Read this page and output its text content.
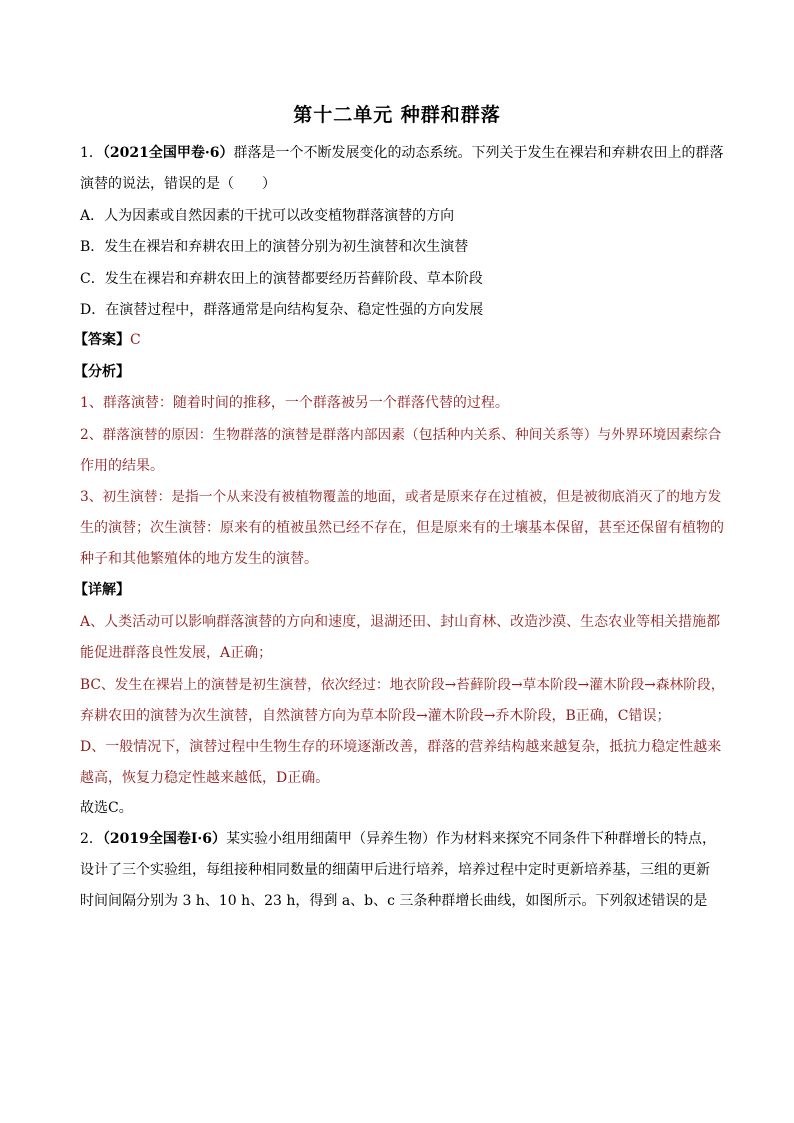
第十二单元 种群和群落
1．（2021全国甲卷·6）群落是一个不断发展变化的动态系统。下列关于发生在裸岩和弃耕农田上的群落
演替的说法，错误的是（　　）
A．人为因素或自然因素的干扰可以改变植物群落演替的方向
B．发生在裸岩和弃耕农田上的演替分别为初生演替和次生演替
C．发生在裸岩和弃耕农田上的演替都要经历苔藓阶段、草本阶段
D．在演替过程中，群落通常是向结构复杂、稳定性强的方向发展
【答案】C
【分析】
1、群落演替：随着时间的推移，一个群落被另一个群落代替的过程。
2、群落演替的原因：生物群落的演替是群落内部因素（包括种内关系、种间关系等）与外界环境因素综合
作用的结果。
3、初生演替：是指一个从来没有被植物覆盖的地面，或者是原来存在过植被，但是被彻底消灭了的地方发
生的演替；次生演替：原来有的植被虽然已经不存在，但是原来有的土壤基本保留，甚至还保留有植物的
种子和其他繁殖体的地方发生的演替。
【详解】
A、人类活动可以影响群落演替的方向和速度，退湖还田、封山育林、改造沙漠、生态农业等相关措施都
能促进群落良性发展，A正确；
BC、发生在裸岩上的演替是初生演替，依次经过：地衣阶段→苔藓阶段→草本阶段→灌木阶段→森林阶段，
弃耕农田的演替为次生演替，自然演替方向为草本阶段→灌木阶段→乔木阶段，B正确，C错误；
D、一般情况下，演替过程中生物生存的环境逐渐改善，群落的营养结构越来越复杂，抵抗力稳定性越来
越高，恢复力稳定性越来越低，D正确。
故选C。
2．（2019全国卷Ⅰ·6）某实验小组用细菌甲（异养生物）作为材料来探究不同条件下种群增长的特点，
设计了三个实验组，每组接种相同数量的细菌甲后进行培养，培养过程中定时更新培养基，三组的更新
时间间隔分别为 3 h、10 h、23 h，得到 a、b、c 三条种群增长曲线，如图所示。下列叙述错误的是
